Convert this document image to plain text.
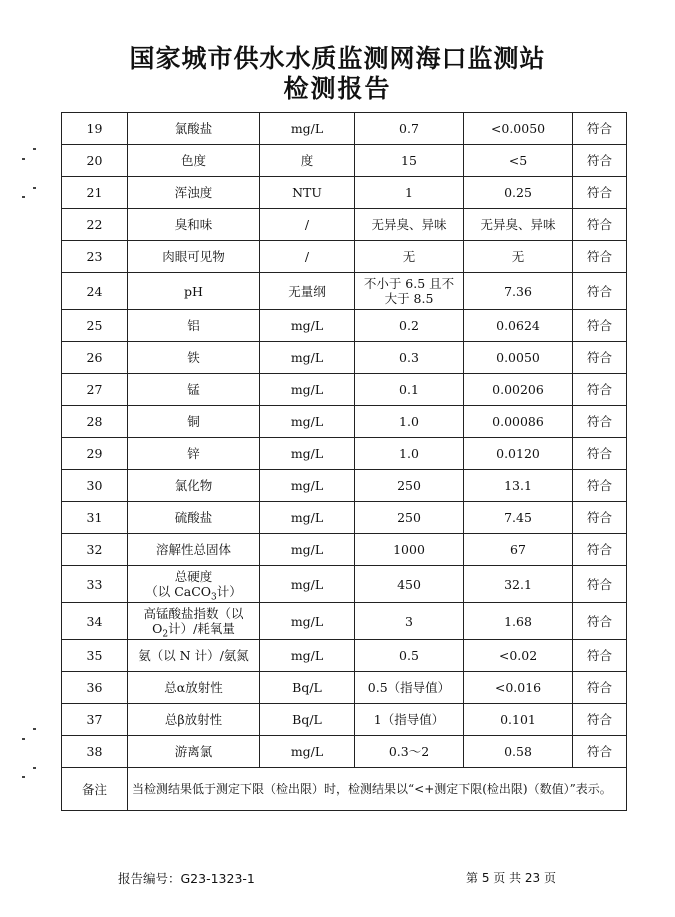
国家城市供水水质监测网海口监测站
检测报告
19	氯酸盐	mg/L	0.7	<0.0050	符合
20	色度	度	15	<5	符合
21	浑浊度	NTU	1	0.25	符合
22	臭和味	/	无异臭、异味	无异臭、异味	符合
23	肉眼可见物	/	无	无	符合
24	pH	无量纲	不小于 6.5 且不大于 8.5	7.36	符合
25	铝	mg/L	0.2	0.0624	符合
26	铁	mg/L	0.3	0.0050	符合
27	锰	mg/L	0.1	0.00206	符合
28	铜	mg/L	1.0	0.00086	符合
29	锌	mg/L	1.0	0.0120	符合
30	氯化物	mg/L	250	13.1	符合
31	硫酸盐	mg/L	250	7.45	符合
32	溶解性总固体	mg/L	1000	67	符合
33	总硬度
（以 CaCO$_3$计）	mg/L	450	32.1	符合
34	高锰酸盐指数（以
$O_2$计）/耗氧量	mg/L	3	1.68	符合
35	氨（以 N 计）/氨氮	mg/L	0.5	<0.02	符合
36	总α放射性	Bq/L	0.5（指导值）	<0.016	符合
37	总β放射性	Bq/L	1（指导值）	0.101	符合
38	游离氯	mg/L	0.3～2	0.58	符合
备注	当检测结果低于测定下限（检出限）时，检测结果以“<+测定下限(检出限)（数值）”表示。				
报告编号：G23-1323-1	第 5 页 共 23 页
